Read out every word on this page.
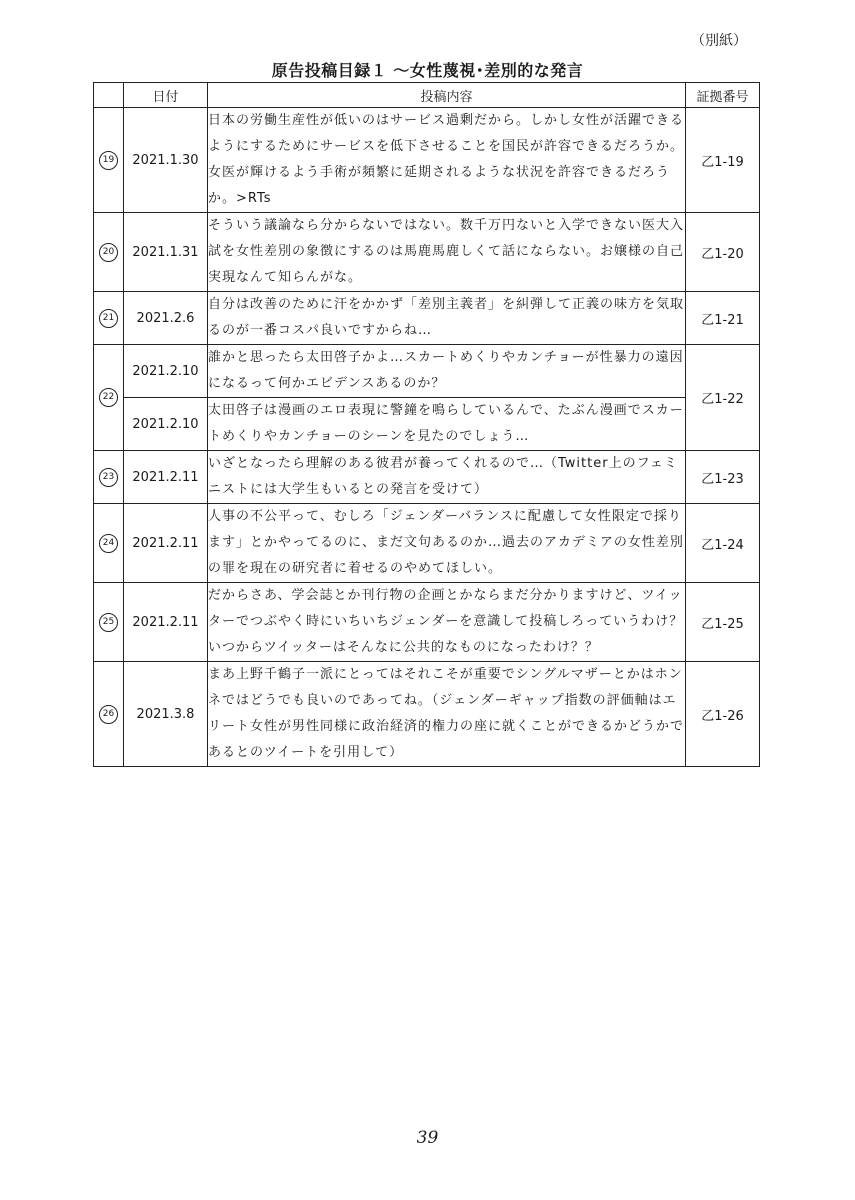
（別紙）
原告投稿目録１ 〜女性蔑視･差別的な発言
	日付	投稿内容	証拠番号
19	2021.1.30	日本の労働生産性が低いのはサービス過剰だから。しかし女性が活躍できるようにするためにサービスを低下させることを国民が許容できるだろうか。女医が輝けるよう手術が頻繁に延期されるような状況を許容できるだろうか。>RTs	乙1-19
20	2021.1.31	そういう議論なら分からないではない。数千万円ないと入学できない医大入試を女性差別の象徴にするのは馬鹿馬鹿しくて話にならない。お嬢様の自己実現なんて知らんがな。	乙1-20
21	2021.2.6	自分は改善のために汗をかかず「差別主義者」を糾弾して正義の味方を気取るのが一番コスパ良いですからね…	乙1-21
22	2021.2.10	誰かと思ったら太田啓子かよ…スカートめくりやカンチョーが性暴力の遠因になるって何かエビデンスあるのか？	乙1-22
	2021.2.10	太田啓子は漫画のエロ表現に警鐘を鳴らしているんで、たぶん漫画でスカートめくりやカンチョーのシーンを見たのでしょう…	
23	2021.2.11	いざとなったら理解のある彼君が養ってくれるので…（Twitter上のフェミニストには大学生もいるとの発言を受けて）	乙1-23
24	2021.2.11	人事の不公平って、むしろ「ジェンダーバランスに配慮して女性限定で採ります」とかやってるのに、まだ文句あるのか…過去のアカデミアの女性差別の罪を現在の研究者に着せるのやめてほしい。	乙1-24
25	2021.2.11	だからさあ、学会誌とか刊行物の企画とかならまだ分かりますけど、ツイッターでつぶやく時にいちいちジェンダーを意識して投稿しろっていうわけ？いつからツイッターはそんなに公共的なものになったわけ？？	乙1-25
26	2021.3.8	まあ上野千鶴子一派にとってはそれこそが重要でシングルマザーとかはホンネではどうでも良いのであってね。（ジェンダーギャップ指数の評価軸はエリート女性が男性同様に政治経済的権力の座に就くことができるかどうかであるとのツイートを引用して）	乙1-26
39
